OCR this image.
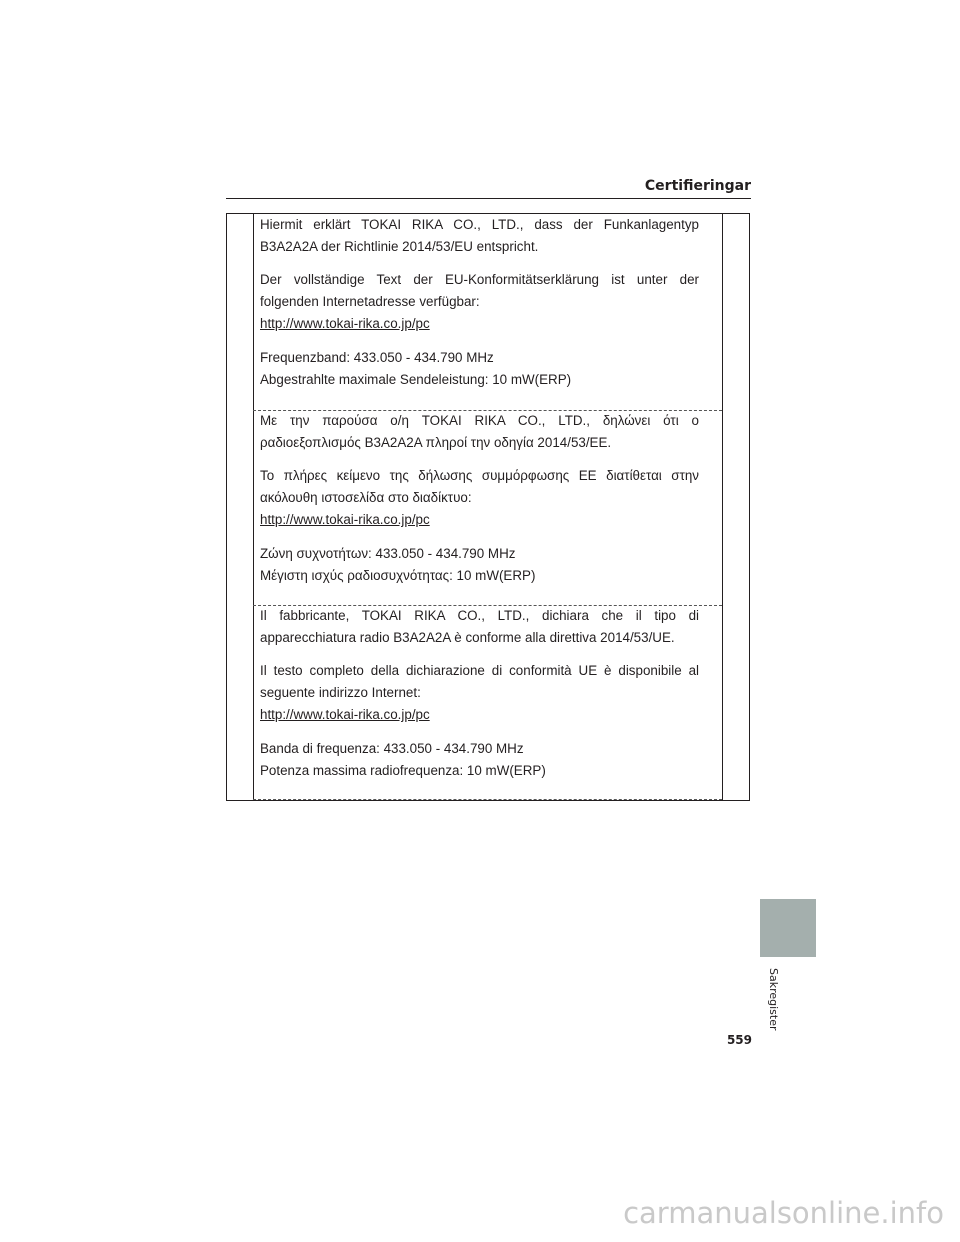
Certifieringar

Hiermit erklärt TOKAI RIKA CO., LTD., dass der Funkanlagentyp B3A2A2A der Richtlinie 2014/53/EU entspricht.

Der vollständige Text der EU-Konformitätserklärung ist unter der folgenden Internetadresse verfügbar:

http://www.tokai-rika.co.jp/pc

Frequenzband: 433.050 - 434.790 MHz

Abgestrahlte maximale Sendeleistung: 10 mW(ERP)

Με την παρούσα ο/η TOKAI RIKA CO., LTD., δηλώνει ότι ο ραδιοεξοπλισμός B3A2A2A πληροί την οδηγία 2014/53/ΕΕ.

Το πλήρες κείμενο της δήλωσης συμμόρφωσης ΕΕ διατίθεται στην ακόλουθη ιστοσελίδα στο διαδίκτυο:

http://www.tokai-rika.co.jp/pc

Ζώνη συχνοτήτων: 433.050 - 434.790 MHz

Μέγιστη ισχύς ραδιοσυχνότητας: 10 mW(ERP)

Il fabbricante, TOKAI RIKA CO., LTD., dichiara che il tipo di apparecchiatura radio B3A2A2A è conforme alla direttiva 2014/53/UE.

Il testo completo della dichiarazione di conformità UE è disponibile al seguente indirizzo Internet:

http://www.tokai-rika.co.jp/pc

Banda di frequenza: 433.050 - 434.790 MHz

Potenza massima radiofrequenza: 10 mW(ERP)

Sakregister
559
carmanualsonline.info
